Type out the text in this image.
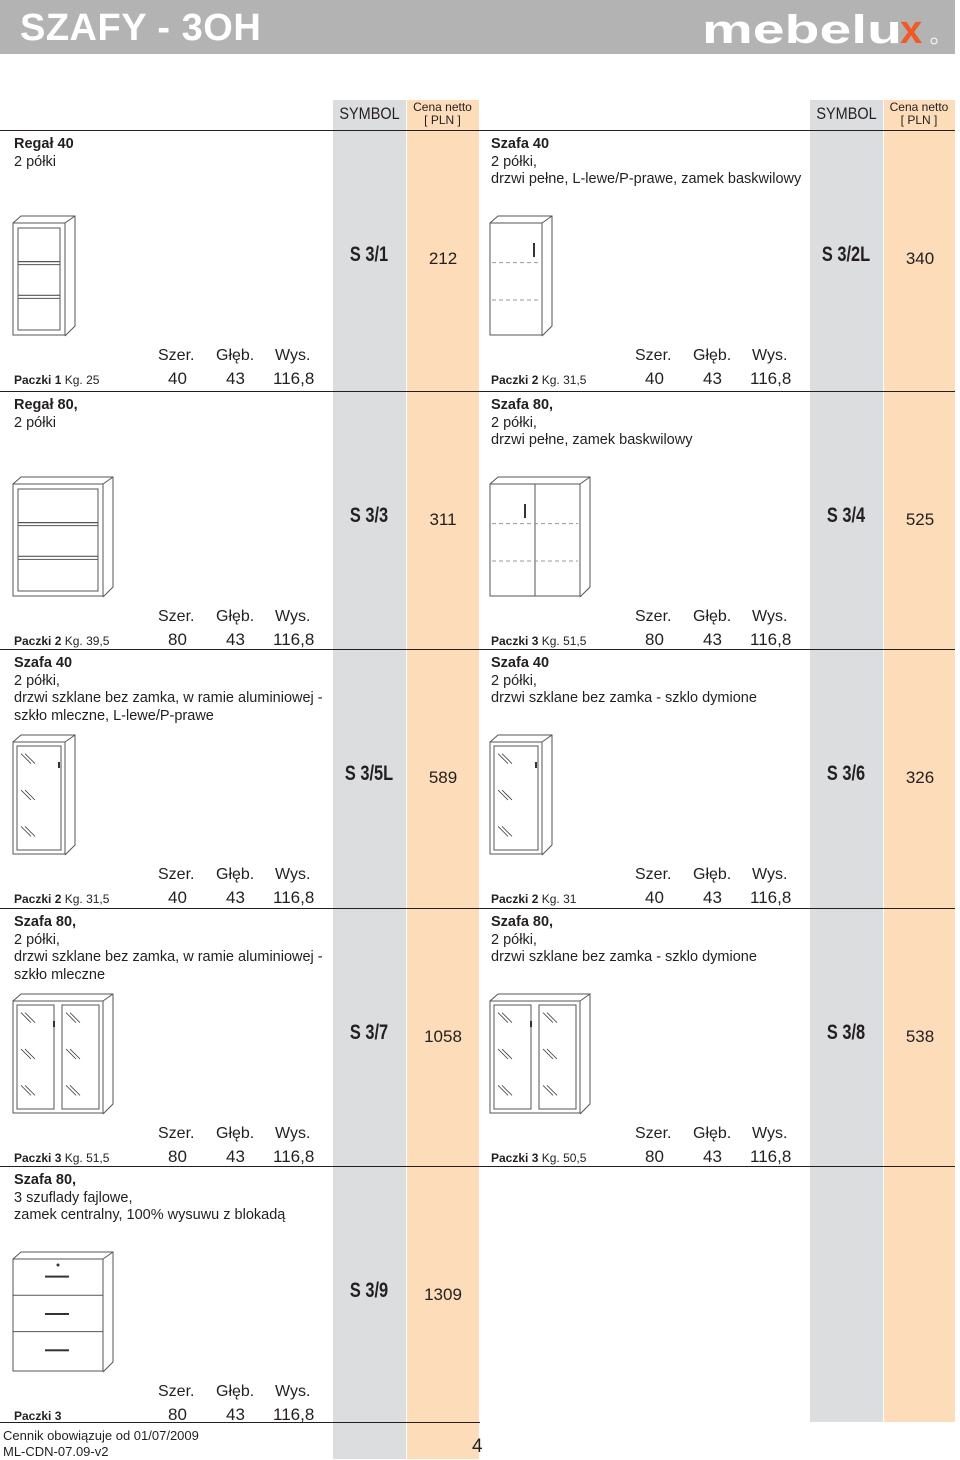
SZAFY - 3OH	mebelu
x
SYMBOL	Cena netto
[ PLN ]	SYMBOL	Cena netto
[ PLN ]
Regał 40
2 półki
S 3/1	212
Szer. Głęb. Wys.
40 43 116,8
Paczki 1 Kg. 25
Szafa 40
2 półki,
drzwi pełne, L-lewe/P-prawe, zamek baskwilowy
S 3/2L	340
Szer. Głęb. Wys.
40 43 116,8
Paczki 2 Kg. 31,5
Regał 80,
2 półki
S 3/3	311
Szer. Głęb. Wys.
80 43 116,8
Paczki 2 Kg. 39,5
Szafa 80,
2 półki,
drzwi pełne, zamek baskwilowy
S 3/4	525
Szer. Głęb. Wys.
80 43 116,8
Paczki 3 Kg. 51,5
Szafa 40
2 półki,
drzwi szklane bez zamka, w ramie aluminiowej -
szkło mleczne, L-lewe/P-prawe
S 3/5L	589
Szer. Głęb. Wys.
40 43 116,8
Paczki 2 Kg. 31,5
Szafa 40
2 półki,
drzwi szklane bez zamka - szklo dymione
S 3/6	326
Szer. Głęb. Wys.
40 43 116,8
Paczki 2 Kg. 31
Szafa 80,
2 półki,
drzwi szklane bez zamka, w ramie aluminiowej -
szkło mleczne
S 3/7	1058
Szer. Głęb. Wys.
80 43 116,8
Paczki 3 Kg. 51,5
Szafa 80,
2 półki,
drzwi szklane bez zamka - szklo dymione
S 3/8	538
Szer. Głęb. Wys.
80 43 116,8
Paczki 3 Kg. 50,5
Szafa 80,
3 szuflady fajlowe,
zamek centralny, 100% wysuwu z blokadą
S 3/9	1309
Szer. Głęb. Wys.
80 43 116,8
Paczki 3
Cennik obowiązuje od 01/07/2009
ML-CDN-07.09-v2	4
